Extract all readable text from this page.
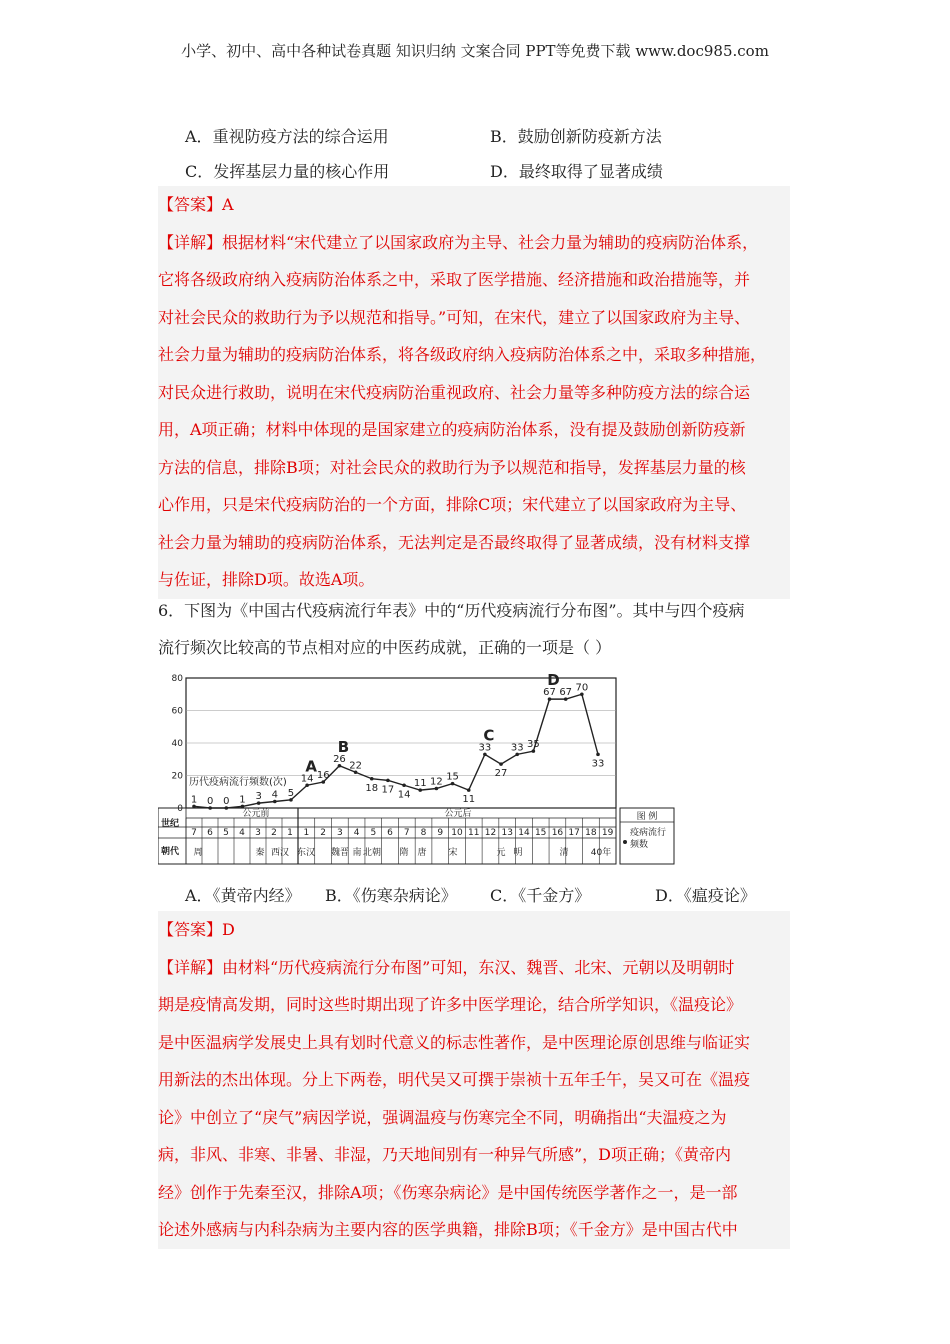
小学、初中、高中各种试卷真题 知识归纳 文案合同 PPT等免费下载 www.doc985.com
A．重视防疫方法的综合运用	B．鼓励创新防疫新方法
C．发挥基层力量的核心作用	D．最终取得了显著成绩

【答案】A

【详解】根据材料“宋代建立了以国家政府为主导、社会力量为辅助的疫病防治体系，

它将各级政府纳入疫病防治体系之中，采取了医学措施、经济措施和政治措施等，并

对社会民众的救助行为予以规范和指导。”可知，在宋代，建立了以国家政府为主导、

社会力量为辅助的疫病防治体系，将各级政府纳入疫病防治体系之中，采取多种措施，

对民众进行救助，说明在宋代疫病防治重视政府、社会力量等多种防疫方法的综合运

用，A项正确；材料中体现的是国家建立的疫病防治体系，没有提及鼓励创新防疫新

方法的信息，排除B项；对社会民众的救助行为予以规范和指导，发挥基层力量的核

心作用，只是宋代疫病防治的一个方面，排除C项；宋代建立了以国家政府为主导、

社会力量为辅助的疫病防治体系，无法判定是否最终取得了显著成绩，没有材料支撑

与佐证，排除D项。故选A项。

6．下图为《中国古代疫病流行年表》中的“历代疫病流行分布图”。其中与四个疫病

流行频次比较高的节点相对应的中医药成就，正确的一项是（ ）

0
20
40
60
80
历代疫病流行频数(次)
1 0 0 1 3 4 5
14 16
26
22
18 17 14
11 12 15
11
33
27
33 35
67 67 70
33
A
B
C
D
公元前	公元后
世纪
朝代
7 6 5 4 3 2 1 1 2 3 4 5 6 7 8 9 10 11 12 13 14 15 16 17 18 19
周	秦 西汉 东汉 魏晋 南 北朝 隋 唐 宋	元 明	清 40年
图 例
疫病流行频数
A．《黄帝内经》 B．《伤寒杂病论》 C．《千金方》	D．《瘟疫论》

【答案】D

【详解】由材料“历代疫病流行分布图”可知，东汉、魏晋、北宋、元朝以及明朝时

期是疫情高发期，同时这些时期出现了许多中医学理论，结合所学知识，《温疫论》

是中医温病学发展史上具有划时代意义的标志性著作，是中医理论原创思维与临证实

用新法的杰出体现。分上下两卷，明代吴又可撰于崇祯十五年壬午，吴又可在《温疫

论》中创立了“戾气”病因学说，强调温疫与伤寒完全不同，明确指出“夫温疫之为

病，非风、非寒、非暑、非湿，乃天地间别有一种异气所感”，D项正确；《黄帝内

经》创作于先秦至汉，排除A项；《伤寒杂病论》是中国传统医学著作之一，是一部

论述外感病与内科杂病为主要内容的医学典籍，排除B项；《千金方》是中国古代中
